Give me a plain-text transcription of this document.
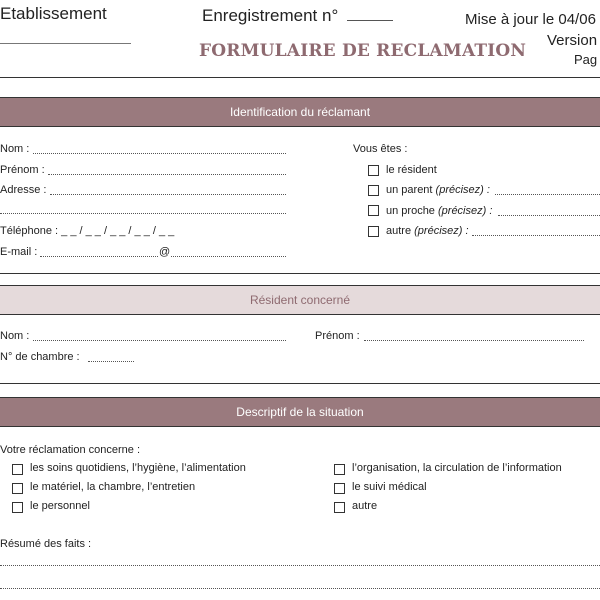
Etablissement	Enregistrement n°
FORMULAIRE DE RECLAMATION
Mise à jour le 04/06
Version
Pag
Identification du réclamant
Nom :
Prénom :
Adresse :
Téléphone : _ _ / _ _ / _ _ / _ _ / _ _
E-mail :	@
Vous êtes :
le résident
un parent (précisez) :
un proche (précisez) :
autre (précisez) :
Résident concerné
Nom :	Prénom :
N° de chambre :
Descriptif de la situation
Votre réclamation concerne :
les soins quotidiens, l’hygiène, l’alimentation
le matériel, la chambre, l’entretien
le personnel
l’organisation, la circulation de l’information
le suivi médical
autre
Résumé des faits :
